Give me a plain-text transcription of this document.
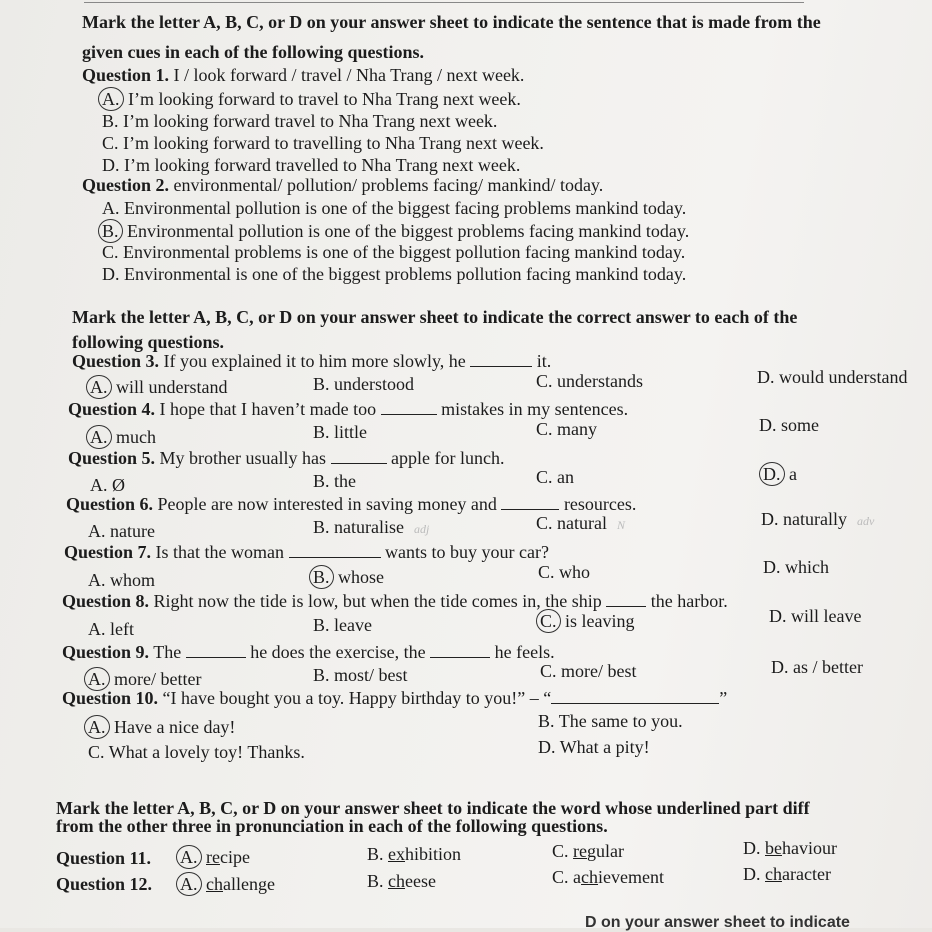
Mark the letter A, B, C, or D on your answer sheet to indicate the sentence that is made from the
given cues in each of the following questions.
Question 1. I / look forward / travel / Nha Trang / next week.
A. I’m looking forward to travel to Nha Trang next week.
B. I’m looking forward travel to Nha Trang next week.
C. I’m looking forward to travelling to Nha Trang next week.
D. I’m looking forward travelled to Nha Trang next week.
Question 2. environmental/ pollution/ problems facing/ mankind/ today.
A. Environmental pollution is one of the biggest facing problems mankind today.
B. Environmental pollution is one of the biggest problems facing mankind today.
C. Environmental problems is one of the biggest pollution facing mankind today.
D. Environmental is one of the biggest problems pollution facing mankind today.
Mark the letter A, B, C, or D on your answer sheet to indicate the correct answer to each of the
following questions.
Question 3. If you explained it to him more slowly, he	it.
A. will understand	B. understood	C. understands	D. would understand
Question 4. I hope that I haven’t made too	mistakes in my sentences.
A. much	B. little	C. many	D. some
Question 5. My brother usually has	apple for lunch.
A. Ø	B. the	C. an	D. a
Question 6. People are now interested in saving money and	resources.
A. nature	B. naturalise adj	C. natural N	D. naturally adv
Question 7. Is that the woman	wants to buy your car?
A. whom	B. whose	C. who	D. which
Question 8. Right now the tide is low, but when the tide comes in, the ship	the harbor.
A. left	B. leave	C. is leaving	D. will leave
Question 9. The	he does the exercise, the	he feels.
A. more/ better	B. most/ best	C. more/ best	D. as / better
Question 10. “I have bought you a toy. Happy birthday to you!” – “	”
A. Have a nice day!	B. The same to you.
C. What a lovely toy! Thanks.	D. What a pity!
Mark the letter A, B, C, or D on your answer sheet to indicate the word whose underlined part diff
from the other three in pronunciation in each of the following questions.
Question 11. A. recipe	B. exhibition	C. regular	D. behaviour
Question 12. A. challenge	B. cheese	C. achievement	D. character
D on your answer sheet to indicate
